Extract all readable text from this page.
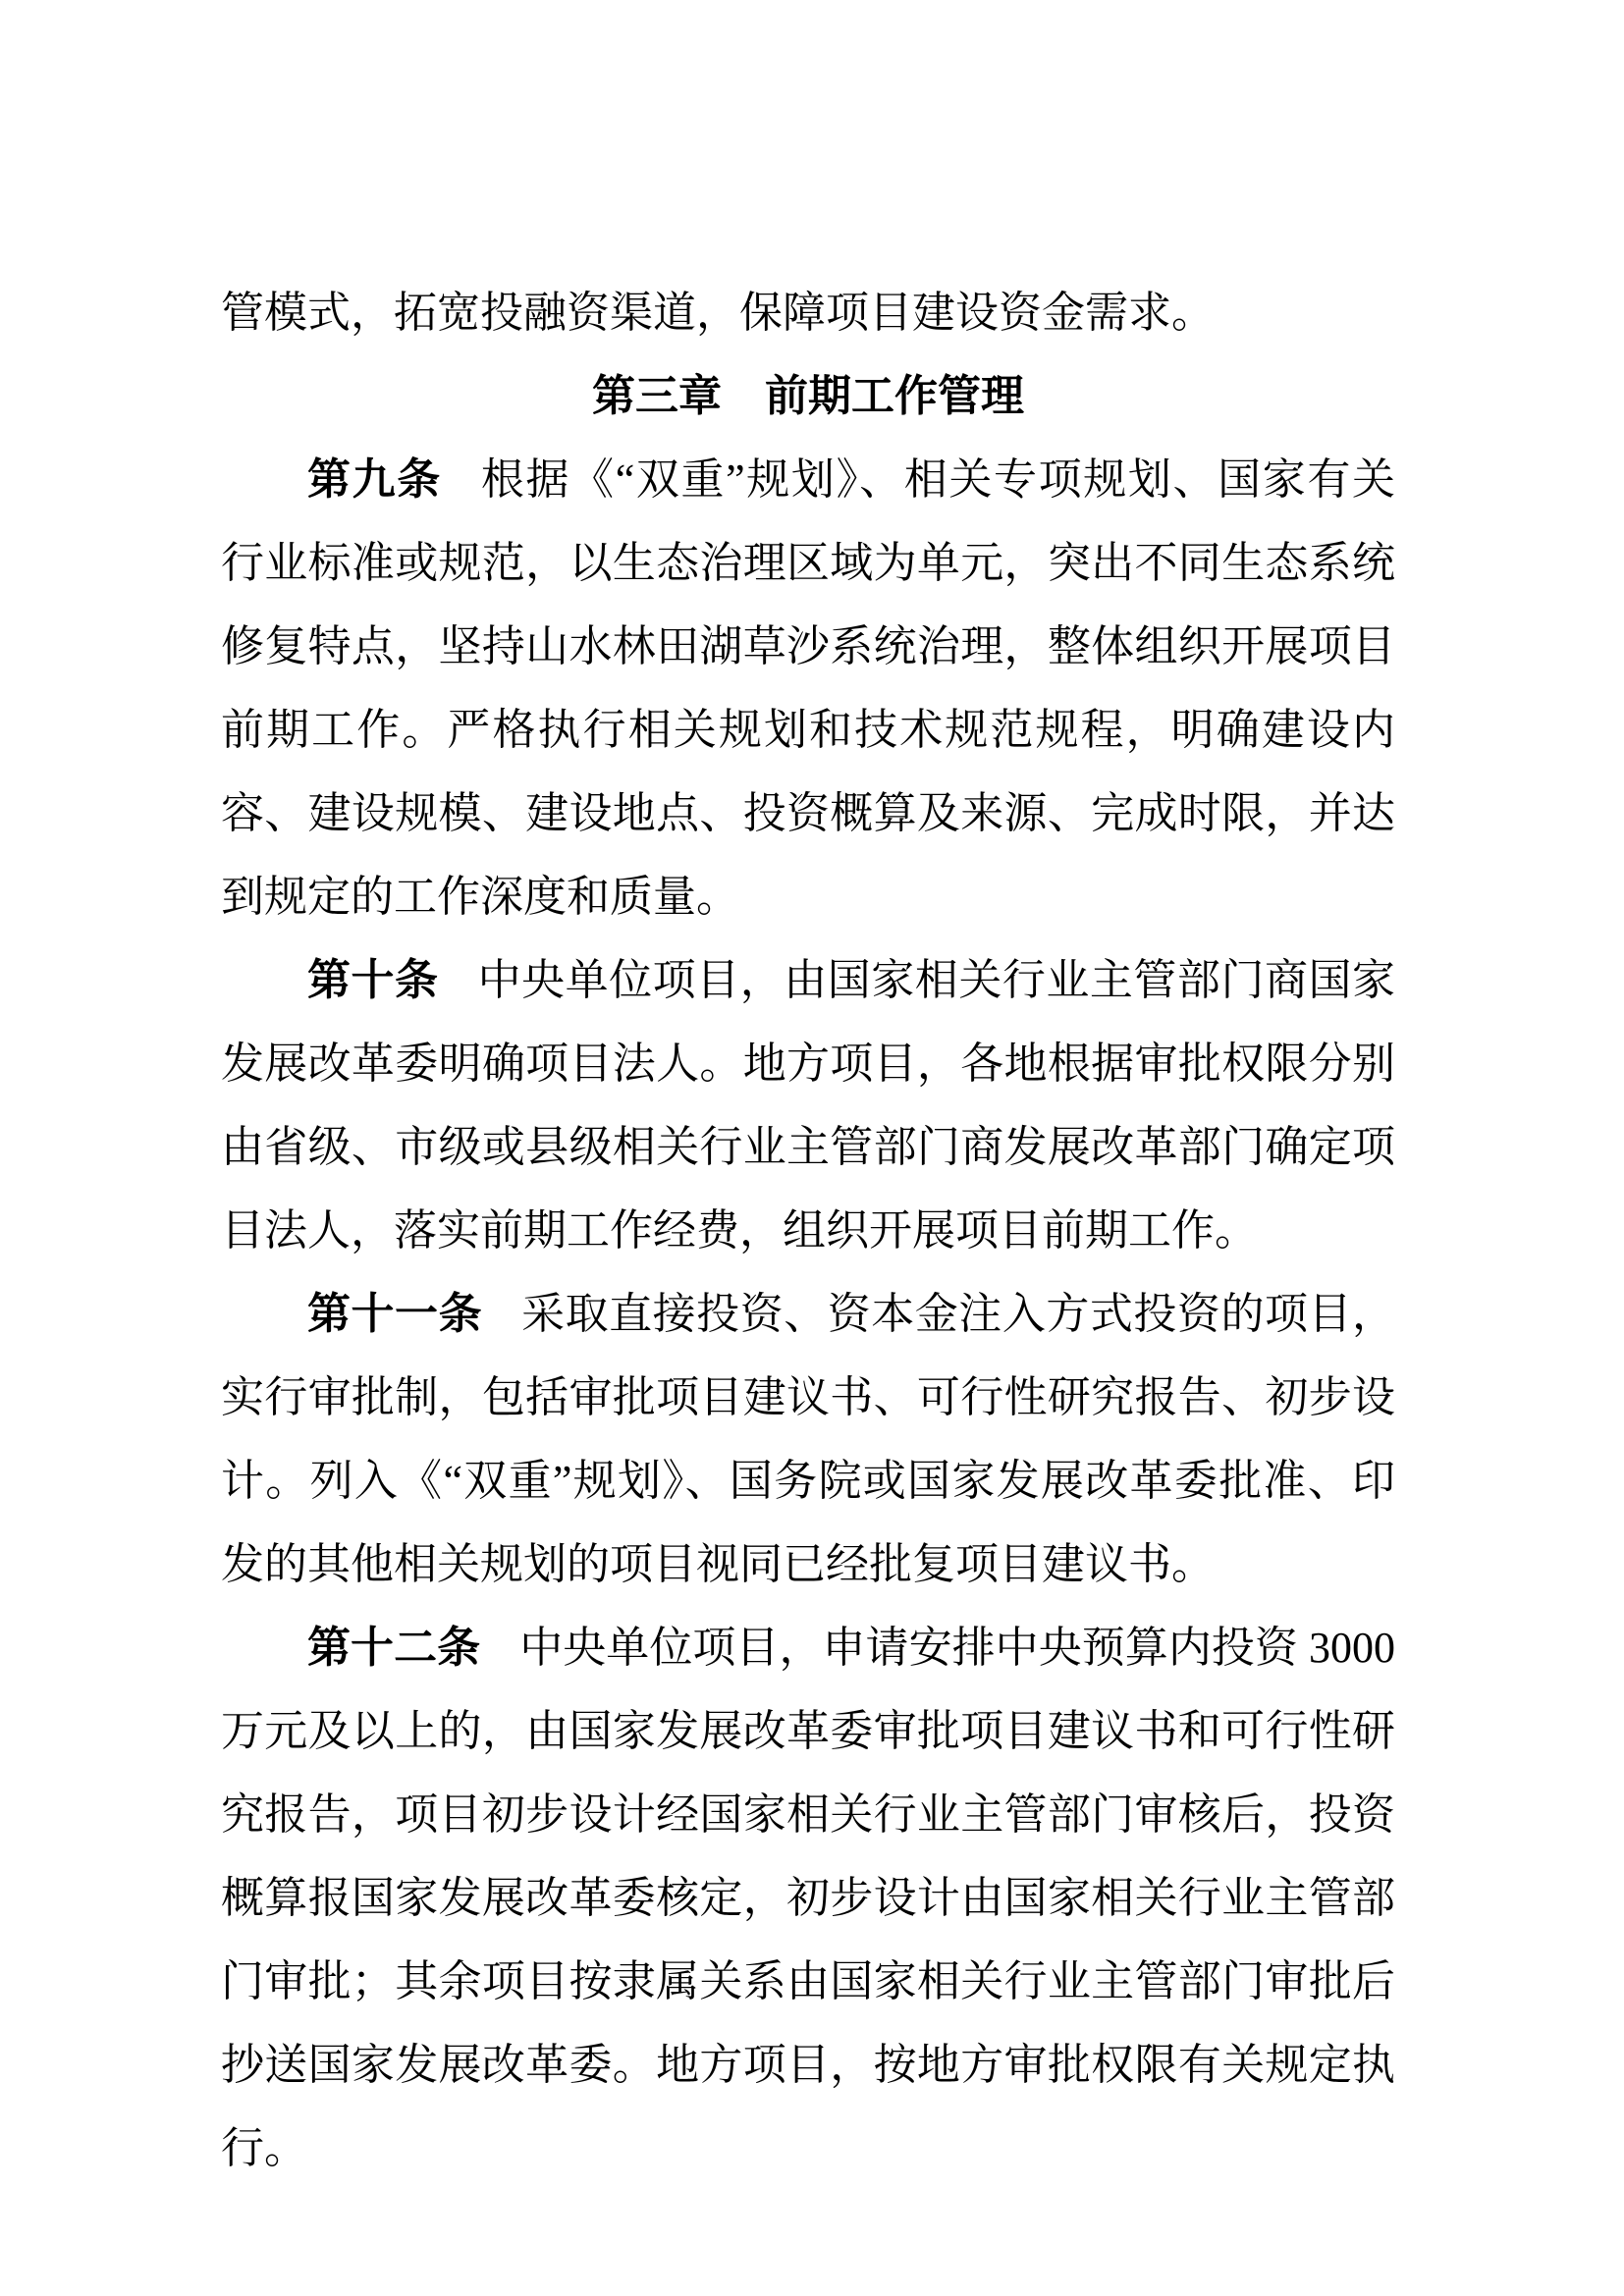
管模式，拓宽投融资渠道，保障项目建设资金需求。

第三章　前期工作管理

第九条 根据《“双重”规划》、相关专项规划、国家有关行业标准或规范，以生态治理区域为单元，突出不同生态系统修复特点，坚持山水林田湖草沙系统治理，整体组织开展项目前期工作。严格执行相关规划和技术规范规程，明确建设内容、建设规模、建设地点、投资概算及来源、完成时限，并达到规定的工作深度和质量。

第十条 中央单位项目，由国家相关行业主管部门商国家发展改革委明确项目法人。地方项目，各地根据审批权限分别由省级、市级或县级相关行业主管部门商发展改革部门确定项目法人，落实前期工作经费，组织开展项目前期工作。

第十一条 采取直接投资、资本金注入方式投资的项目，实行审批制，包括审批项目建议书、可行性研究报告、初步设计。列入《“双重”规划》、国务院或国家发展改革委批准、印发的其他相关规划的项目视同已经批复项目建议书。

第十二条 中央单位项目，申请安排中央预算内投资 3000 万元及以上的，由国家发展改革委审批项目建议书和可行性研究报告，项目初步设计经国家相关行业主管部门审核后，投资概算报国家发展改革委核定，初步设计由国家相关行业主管部门审批；其余项目按隶属关系由国家相关行业主管部门审批后抄送国家发展改革委。地方项目，按地方审批权限有关规定执行。
